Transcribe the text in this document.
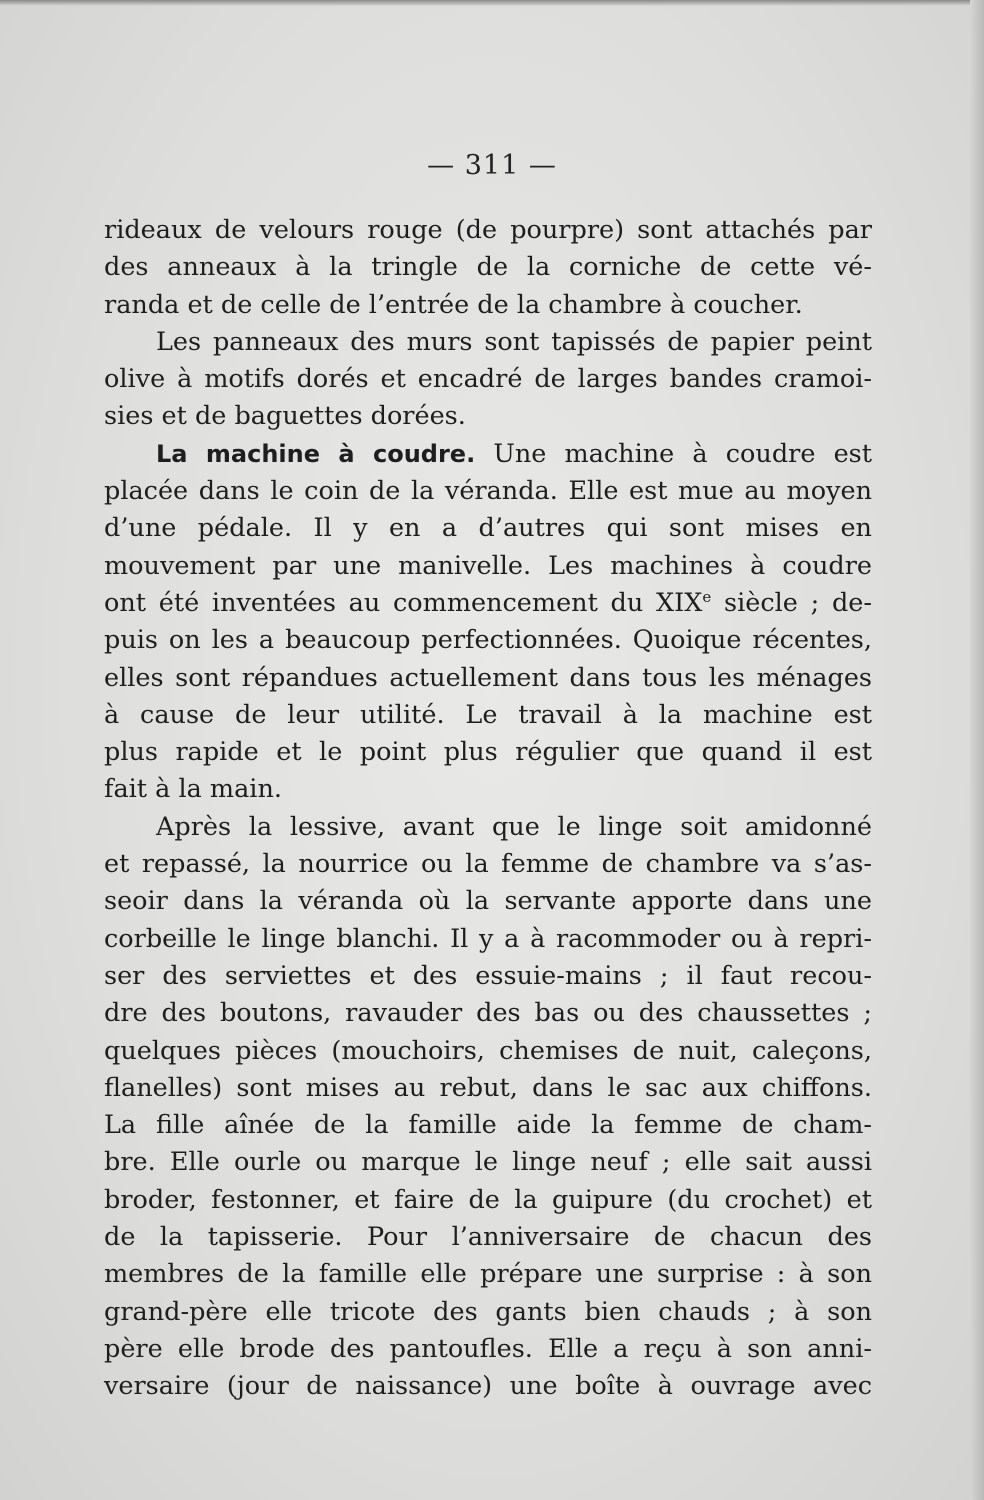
— 311 —
rideaux de velours rouge (de pourpre) sont attachés par
des anneaux à la tringle de la corniche de cette vé-
randa et de celle de l’entrée de la chambre à coucher.
Les panneaux des murs sont tapissés de papier peint
olive à motifs dorés et encadré de larges bandes cramoi-
sies et de baguettes dorées.
La machine à coudre. Une machine à coudre est
placée dans le coin de la véranda. Elle est mue au moyen
d’une pédale. Il y en a d’autres qui sont mises en
mouvement par une manivelle. Les machines à coudre
ont été inventées au commencement du XIXe siècle ; de-
puis on les a beaucoup perfectionnées. Quoique récentes,
elles sont répandues actuellement dans tous les ménages
à cause de leur utilité. Le travail à la machine est
plus rapide et le point plus régulier que quand il est
fait à la main.
Après la lessive, avant que le linge soit amidonné
et repassé, la nourrice ou la femme de chambre va s’as-
seoir dans la véranda où la servante apporte dans une
corbeille le linge blanchi. Il y a à racommoder ou à repri-
ser des serviettes et des essuie-mains ; il faut recou-
dre des boutons, ravauder des bas ou des chaussettes ;
quelques pièces (mouchoirs, chemises de nuit, caleçons,
flanelles) sont mises au rebut, dans le sac aux chiffons.
La fille aînée de la famille aide la femme de cham-
bre. Elle ourle ou marque le linge neuf ; elle sait aussi
broder, festonner, et faire de la guipure (du crochet) et
de la tapisserie. Pour l’anniversaire de chacun des
membres de la famille elle prépare une surprise : à son
grand-père elle tricote des gants bien chauds ; à son
père elle brode des pantoufles. Elle a reçu à son anni-
versaire (jour de naissance) une boîte à ouvrage avec
